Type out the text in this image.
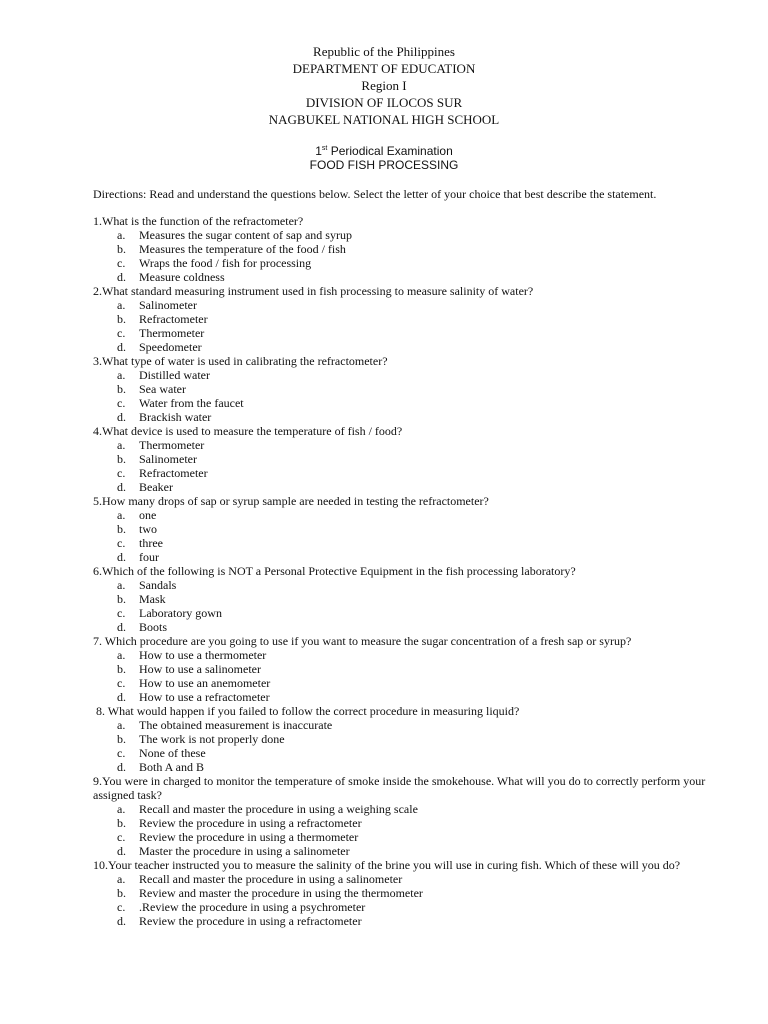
Republic of the Philippines
DEPARTMENT OF EDUCATION
Region I
DIVISION OF ILOCOS SUR
NAGBUKEL NATIONAL HIGH SCHOOL
1st Periodical Examination
FOOD FISH PROCESSING
Directions: Read and understand the questions below. Select the letter of your choice that best describe the statement.
1.What is the function of the refractometer?
a. Measures the sugar content of sap and syrup
b. Measures the temperature of the food / fish
c. Wraps the food / fish for processing
d. Measure coldness
2.What standard measuring instrument used in fish processing to measure salinity of water?
a. Salinometer
b. Refractometer
c. Thermometer
d. Speedometer
3.What type of water is used in calibrating the refractometer?
a. Distilled water
b. Sea water
c. Water from the faucet
d. Brackish water
4.What device is used to measure the temperature of fish / food?
a. Thermometer
b. Salinometer
c. Refractometer
d. Beaker
5.How many drops of sap or syrup sample are needed in testing the refractometer?
a. one
b. two
c. three
d. four
6.Which of the following is NOT a Personal Protective Equipment in the fish processing laboratory?
a. Sandals
b. Mask
c. Laboratory gown
d. Boots
7. Which procedure are you going to use if you want to measure the sugar concentration of a fresh sap or syrup?
a. How to use a thermometer
b. How to use a salinometer
c. How to use an anemometer
d. How to use a refractometer
8. What would happen if you failed to follow the correct procedure in measuring liquid?
a. The obtained measurement is inaccurate
b. The work is not properly done
c. None of these
d. Both A and B
9.You were in charged to monitor the temperature of smoke inside the smokehouse. What will you do to correctly perform your assigned task?
a. Recall and master the procedure in using a weighing scale
b. Review the procedure in using a refractometer
c. Review the procedure in using a thermometer
d. Master the procedure in using a salinometer
10.Your teacher instructed you to measure the salinity of the brine you will use in curing fish. Which of these will you do?
a. Recall and master the procedure in using a salinometer
b. Review and master the procedure in using the thermometer
c. .Review the procedure in using a psychrometer
d. Review the procedure in using a refractometer
